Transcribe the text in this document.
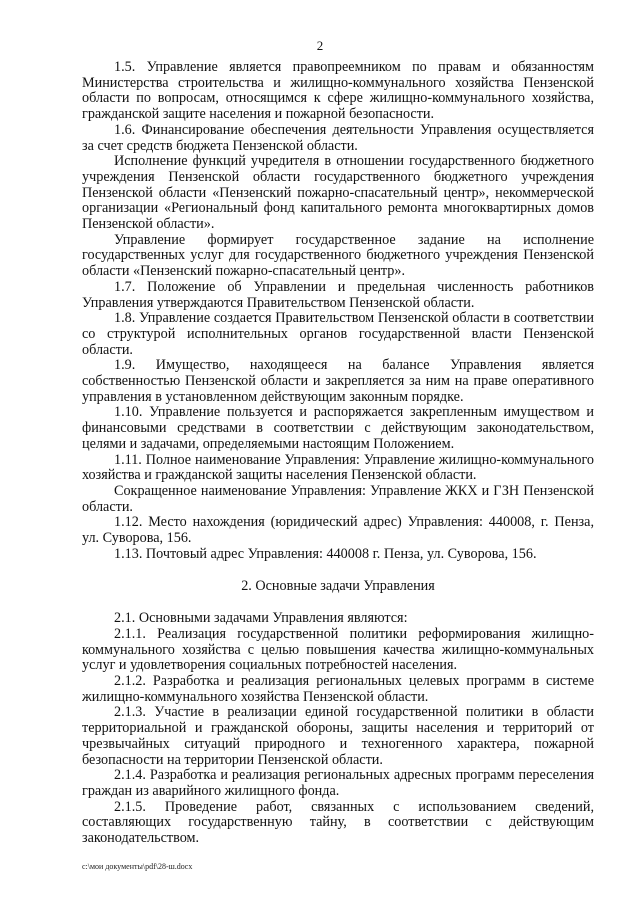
2

1.5. Управление является правопреемником по правам и обязанностям Министерства строительства и жилищно-коммунального хозяйства Пензенской области по вопросам, относящимся к сфере жилищно-коммунального хозяйства, гражданской защите населения и пожарной безопасности.

1.6. Финансирование обеспечения деятельности Управления осуществляется за счет средств бюджета Пензенской области.

Исполнение функций учредителя в отношении государственного бюджетного учреждения Пензенской области государственного бюджетного учреждения Пензенской области «Пензенский пожарно-спасательный центр», некоммерческой организации «Региональный фонд капитального ремонта многоквартирных домов Пензенской области».

Управление формирует государственное задание на исполнение государственных услуг для государственного бюджетного учреждения Пензенской области «Пензенский пожарно-спасательный центр».

1.7. Положение об Управлении и предельная численность работников Управления утверждаются Правительством Пензенской области.

1.8. Управление создается Правительством Пензенской области в соответствии со структурой исполнительных органов государственной власти Пензенской области.

1.9. Имущество, находящееся на балансе Управления является собственностью Пензенской области и закрепляется за ним на праве оперативного управления в установленном действующим законным порядке.

1.10. Управление пользуется и распоряжается закрепленным имуществом и финансовыми средствами в соответствии с действующим законодательством, целями и задачами, определяемыми настоящим Положением.

1.11. Полное наименование Управления: Управление жилищно-коммунального хозяйства и гражданской защиты населения Пензенской области.

Сокращенное наименование Управления: Управление ЖКХ и ГЗН Пензенской области.

1.12. Место нахождения (юридический адрес) Управления: 440008, г. Пенза, ул. Суворова, 156.

1.13. Почтовый адрес Управления: 440008 г. Пенза, ул. Суворова, 156.

2. Основные задачи Управления

2.1. Основными задачами Управления являются:

2.1.1. Реализация государственной политики реформирования жилищно-коммунального хозяйства с целью повышения качества жилищно-коммунальных услуг и удовлетворения социальных потребностей населения.

2.1.2. Разработка и реализация региональных целевых программ в системе жилищно-коммунального хозяйства Пензенской области.

2.1.3. Участие в реализации единой государственной политики в области территориальной и гражданской обороны, защиты населения и территорий от чрезвычайных ситуаций природного и техногенного характера, пожарной безопасности на территории Пензенской области.

2.1.4. Разработка и реализация региональных адресных программ переселения граждан из аварийного жилищного фонда.

2.1.5. Проведение работ, связанных с использованием сведений, составляющих государственную тайну, в соответствии с действующим законодательством.

c:\мои документы\pdf\28-ш.docx
